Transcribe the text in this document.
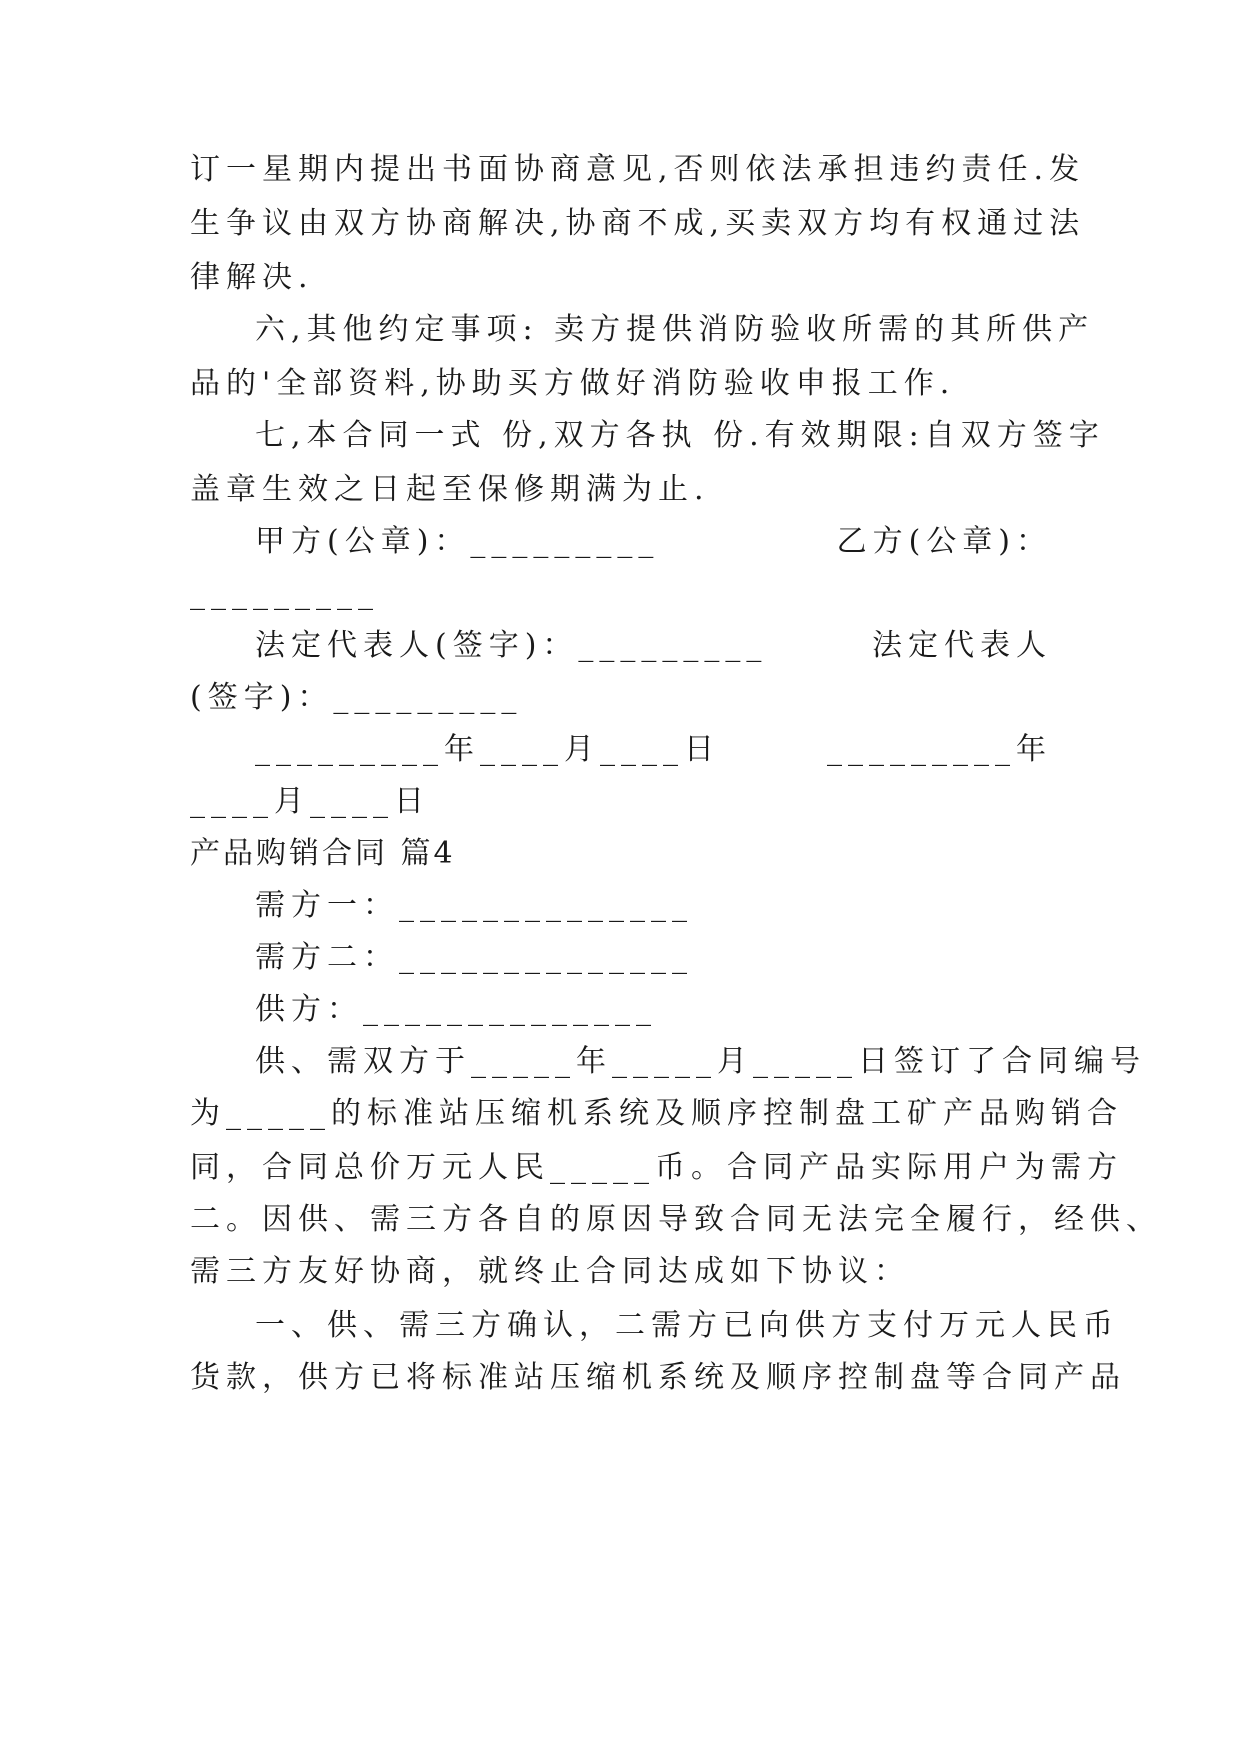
订一星期内提出书面协商意见,否则依法承担违约责任.发
生争议由双方协商解决,协商不成,买卖双方均有权通过法
律解决.
六,其他约定事项: 卖方提供消防验收所需的其所供产
品的'全部资料,协助买方做好消防验收申报工作.
七,本合同一式 份,双方各执 份.有效期限:自双方签字
盖章生效之日起至保修期满为止.
甲方(公章)：_________	乙方(公章)：
_________
法定代表人(签字)：_________	法定代表人
(签字)：_________
_________年____月____日	_________年
____月____日
产品购销合同 篇4
需方一：______________
需方二：______________
供方：______________
供、需双方于_____年_____月_____日签订了合同编号
为_____的标准站压缩机系统及顺序控制盘工矿产品购销合
同，合同总价万元人民_____币。合同产品实际用户为需方
二。因供、需三方各自的原因导致合同无法完全履行，经供、
需三方友好协商，就终止合同达成如下协议：
一、供、需三方确认，二需方已向供方支付万元人民币
货款，供方已将标准站压缩机系统及顺序控制盘等合同产品
